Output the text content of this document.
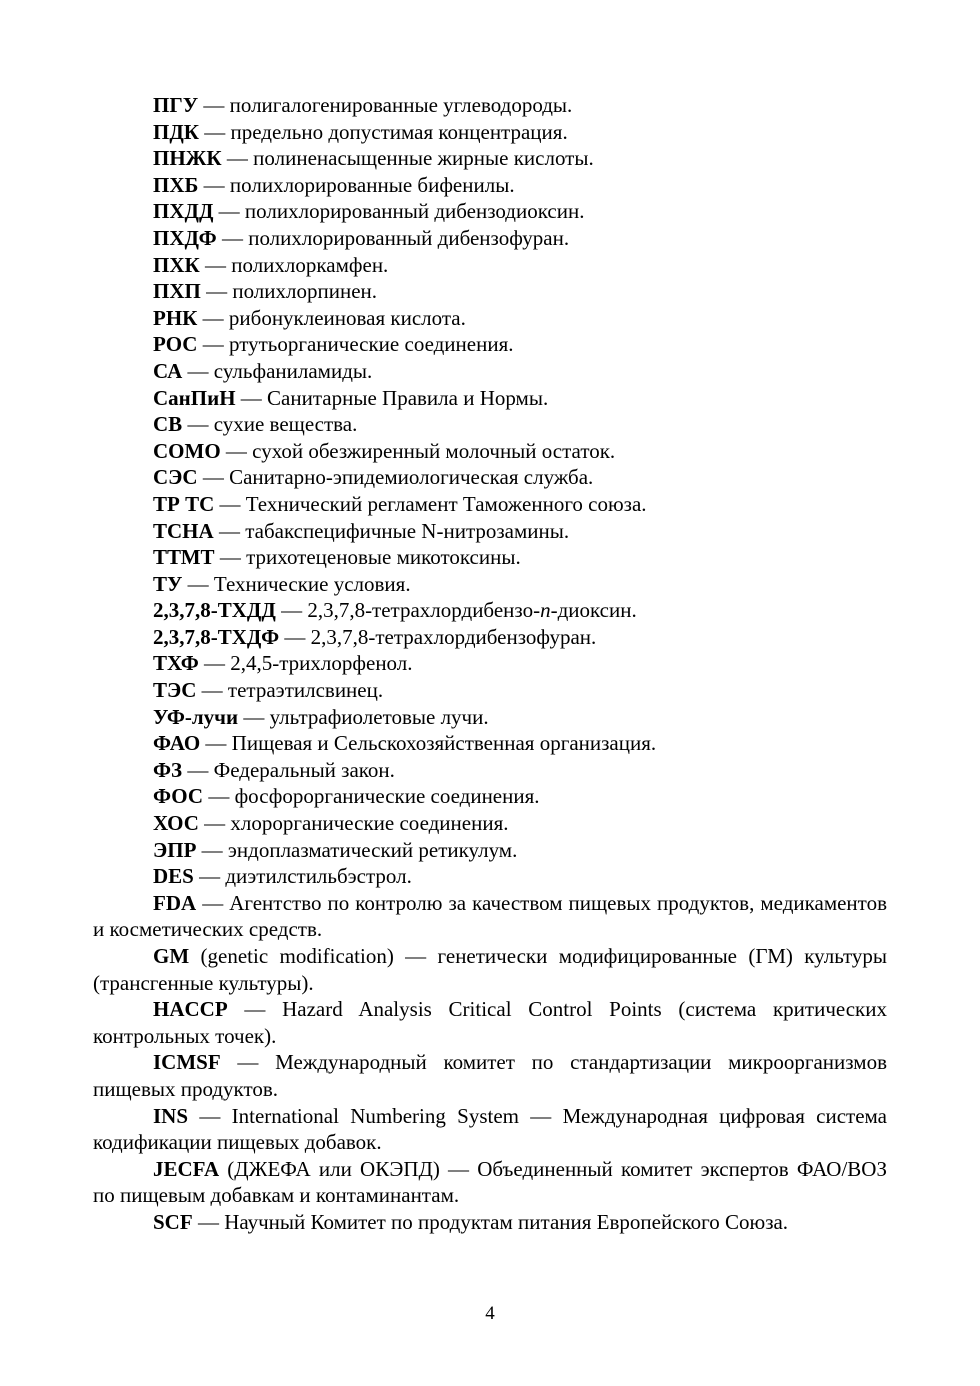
ПГУ — полигалогенированные углеводороды.

ПДК — предельно допустимая концентрация.

ПНЖК — полиненасыщенные жирные кислоты.

ПХБ — полихлорированные бифенилы.

ПХДД — полихлорированный дибензодиоксин.

ПХДФ — полихлорированный дибензофуран.

ПХК — полихлоркамфен.

ПХП — полихлорпинен.

РНК — рибонуклеиновая кислота.

РОС — ртутьорганические соединения.

СА — сульфаниламиды.

СанПиН — Санитарные Правила и Нормы.

СВ — сухие вещества.

СОМО — сухой обезжиренный молочный остаток.

СЭС — Санитарно-эпидемиологическая служба.

ТР ТС — Технический регламент Таможенного союза.

ТСНА — табакспецифичные N-нитрозамины.

ТТМТ — трихотеценовые микотоксины.

ТУ — Технические условия.

2,3,7,8-ТХДД — 2,3,7,8-тетрахлордибензо-п-диоксин.

2,3,7,8-ТХДФ — 2,3,7,8-тетрахлордибензофуран.

ТХФ — 2,4,5-трихлорфенол.

ТЭС — тетраэтилсвинец.

УФ-лучи — ультрафиолетовые лучи.

ФАО — Пищевая и Сельскохозяйственная организация.

ФЗ — Федеральный закон.

ФОС — фосфорорганические соединения.

ХОС — хлорорганические соединения.

ЭПР — эндоплазматический ретикулум.

DES — диэтилстильбэстрол.

FDA — Агентство по контролю за качеством пищевых продуктов, медикаментов и косметических средств.

GM (genetic modification) — генетически модифицированные (ГМ) культуры (трансгенные культуры).

HACCP — Hazard Analysis Critical Control Points (система критических контрольных точек).

ICMSF — Международный комитет по стандартизации микроорганизмов пищевых продуктов.

INS — International Numbering System — Международная цифровая система кодификации пищевых добавок.

JECFA (ДЖЕФА или ОКЭПД) — Объединенный комитет экспертов ФАО/ВОЗ по пищевым добавкам и контаминантам.

SCF — Научный Комитет по продуктам питания Европейского Союза.

4
